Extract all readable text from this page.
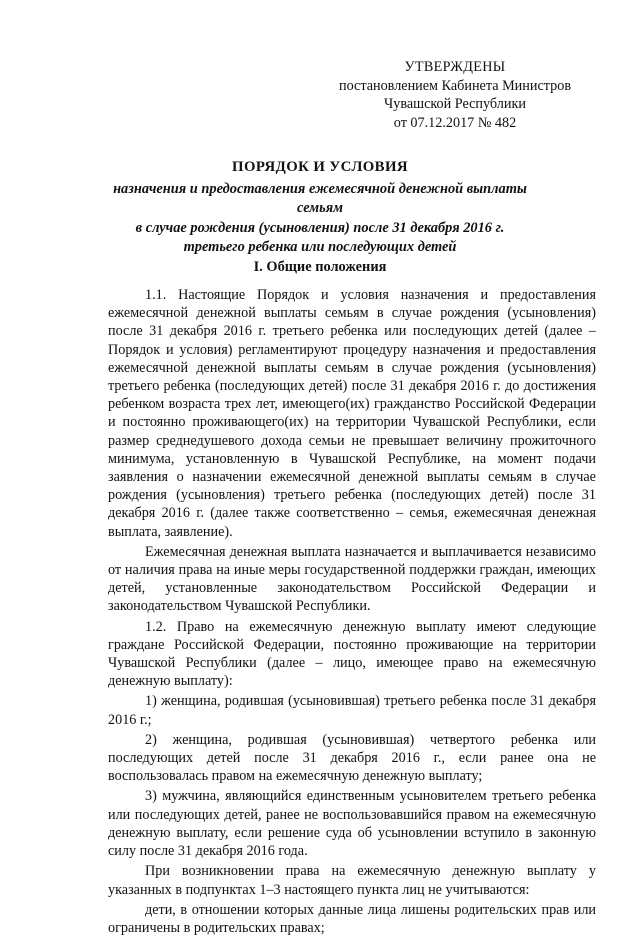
УТВЕРЖДЕНЫ
постановлением Кабинета Министров
Чувашской Республики
от 07.12.2017 № 482
ПОРЯДОК И УСЛОВИЯ
назначения и предоставления ежемесячной денежной выплаты семьям
в случае рождения (усыновления) после 31 декабря 2016 г.
третьего ребенка или последующих детей
I. Общие положения

1.1. Настоящие Порядок и условия назначения и предоставления ежемесячной денежной выплаты семьям в случае рождения (усыновления) после 31 декабря 2016 г. третьего ребенка или последующих детей (далее – Порядок и условия) регламентируют процедуру назначения и предоставления ежемесячной денежной выплаты семьям в случае рождения (усыновления) третьего ребенка (последующих детей) после 31 декабря 2016 г. до достижения ребенком возраста трех лет, имеющего(их) гражданство Российской Федерации и постоянно проживающего(их) на территории Чувашской Республики, если размер среднедушевого дохода семьи не превышает величину прожиточного минимума, установленную в Чувашской Республике, на момент подачи заявления о назначении ежемесячной денежной выплаты семьям в случае рождения (усыновления) третьего ребенка (последующих детей) после 31 декабря 2016 г. (далее также соответственно – семья, ежемесячная денежная выплата, заявление).

Ежемесячная денежная выплата назначается и выплачивается независимо от наличия права на иные меры государственной поддержки граждан, имеющих детей, установленные законодательством Российской Федерации и законодательством Чувашской Республики.

1.2. Право на ежемесячную денежную выплату имеют следующие граждане Российской Федерации, постоянно проживающие на территории Чувашской Республики (далее – лицо, имеющее право на ежемесячную денежную выплату):

1) женщина, родившая (усыновившая) третьего ребенка после 31 декабря 2016 г.;

2) женщина, родившая (усыновившая) четвертого ребенка или последующих детей после 31 декабря 2016 г., если ранее она не воспользовалась правом на ежемесячную денежную выплату;

3) мужчина, являющийся единственным усыновителем третьего ребенка или последующих детей, ранее не воспользовавшийся правом на ежемесячную денежную выплату, если решение суда об усыновлении вступило в законную силу после 31 декабря 2016 года.

При возникновении права на ежемесячную денежную выплату у указанных в подпунктах 1–3 настоящего пункта лиц не учитываются:

дети, в отношении которых данные лица лишены родительских прав или ограничены в родительских правах;
